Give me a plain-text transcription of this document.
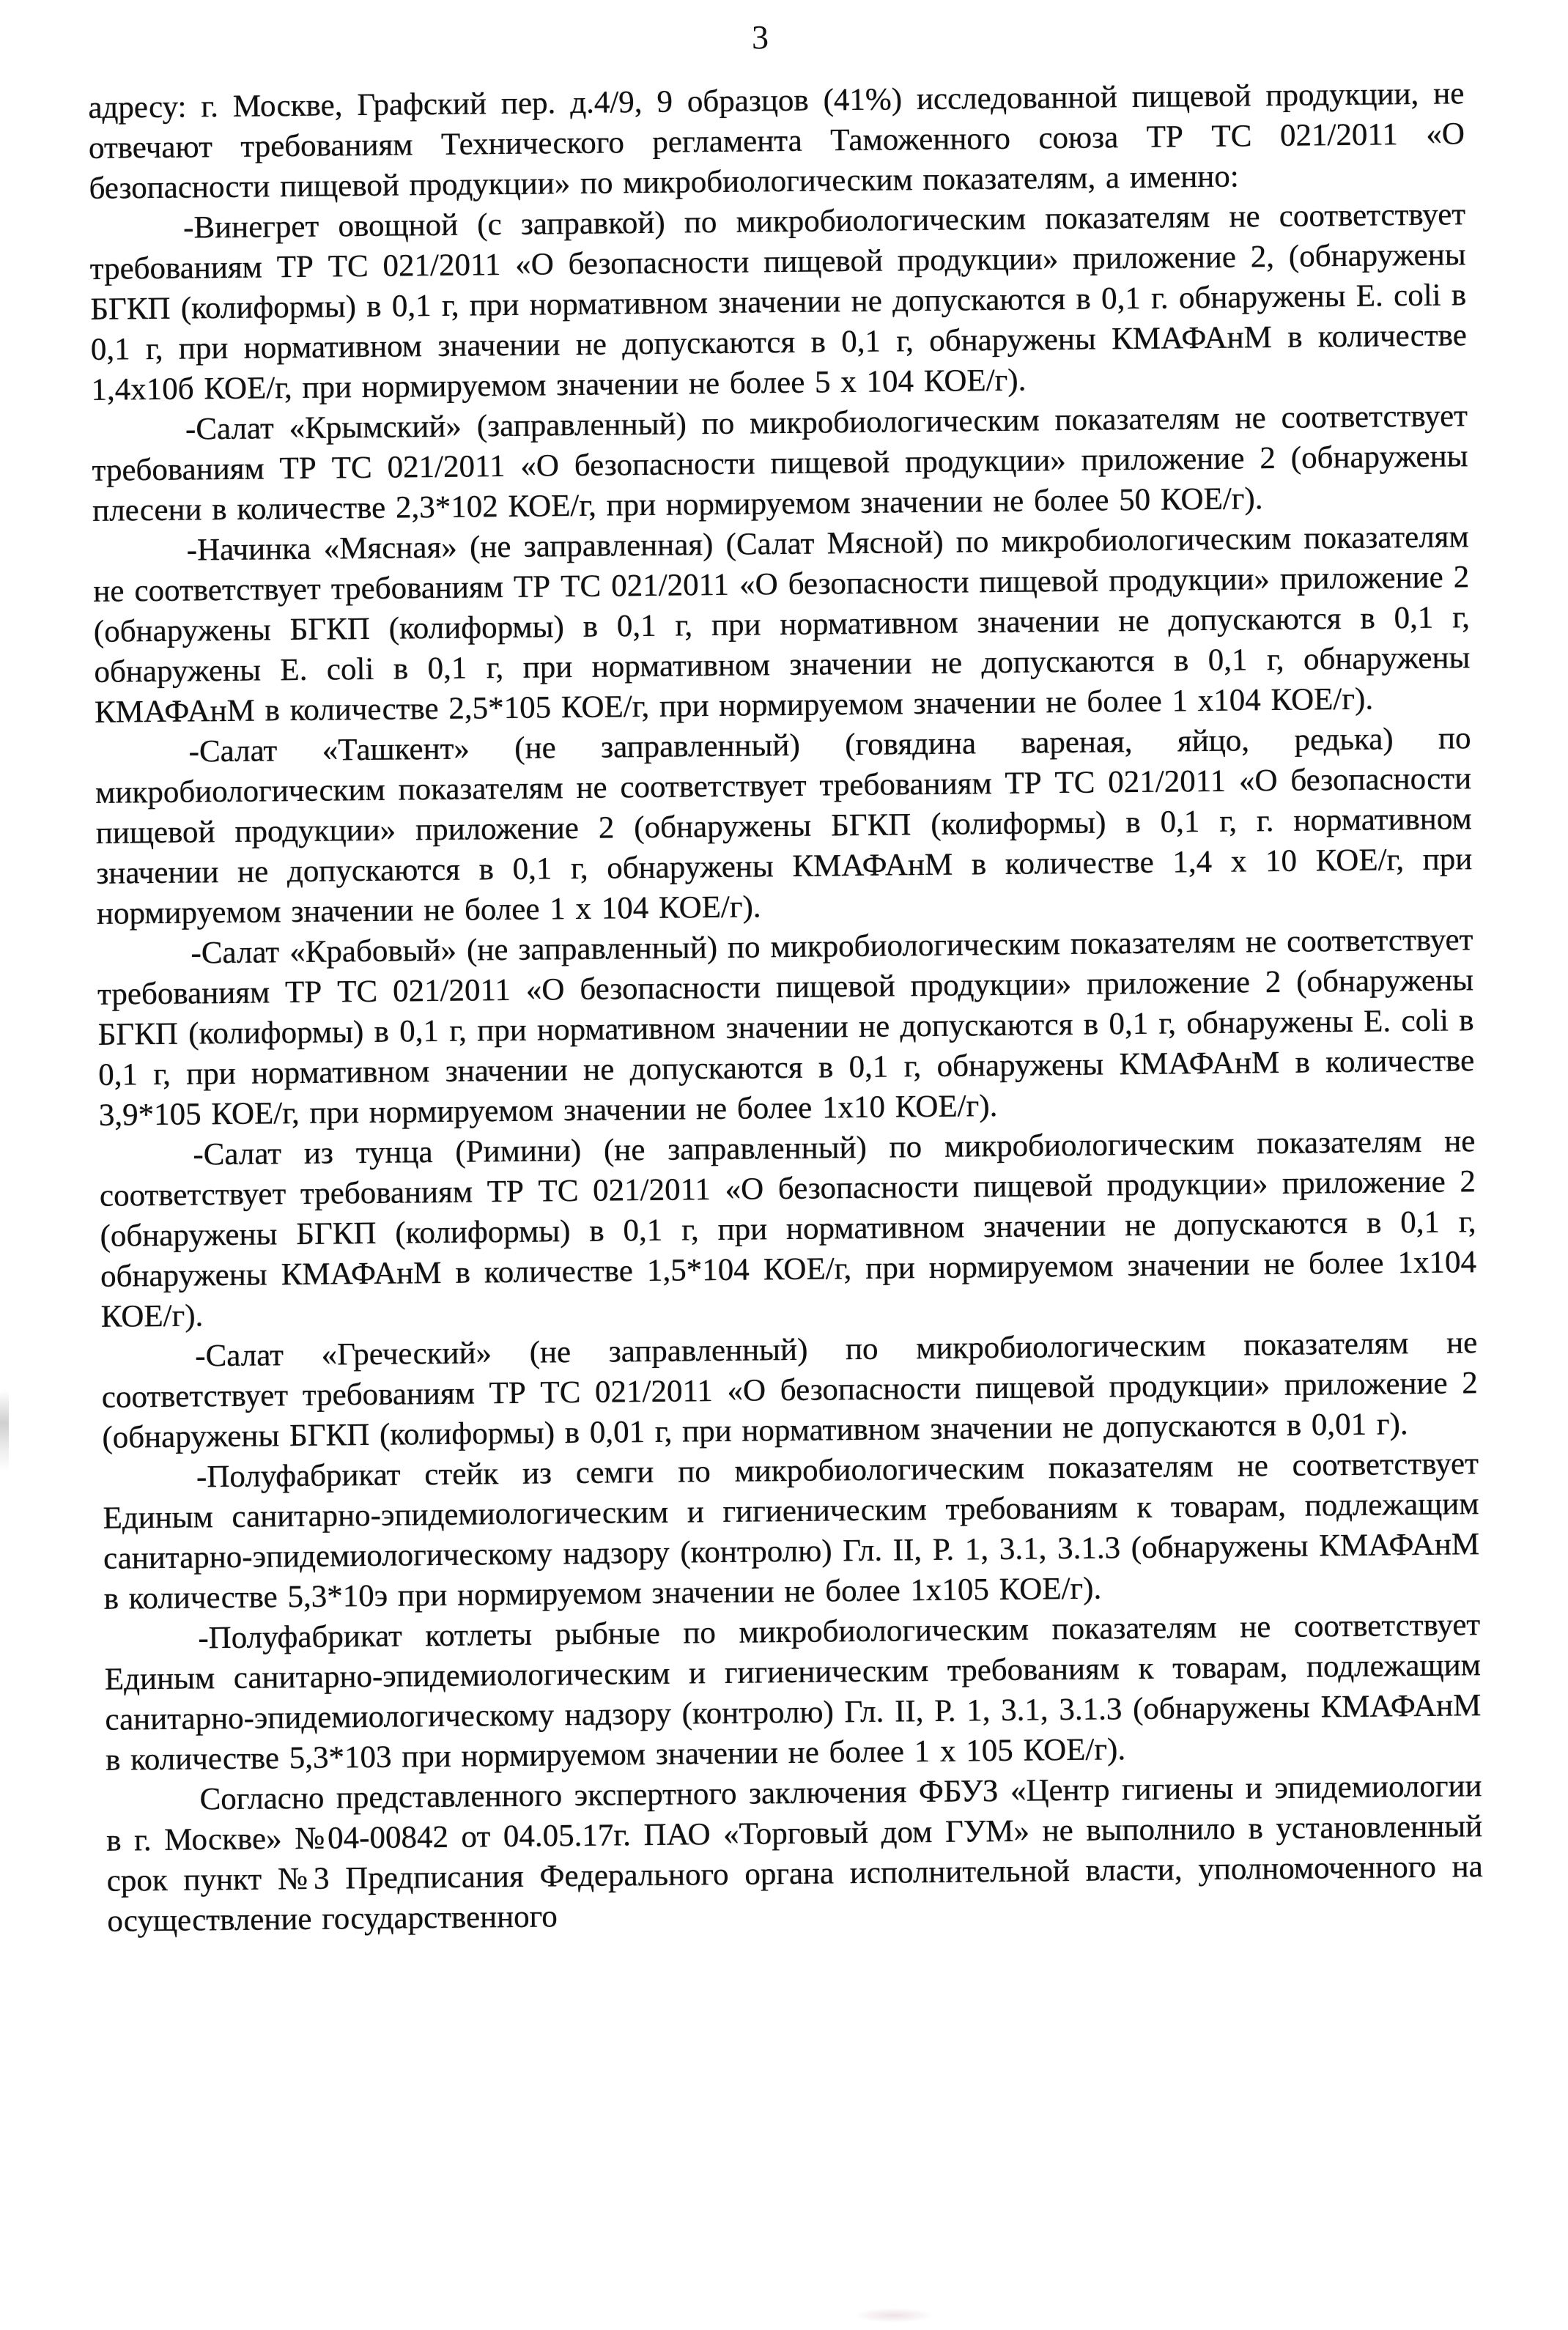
3

адресу: г. Москве, Графский пер. д.4/9, 9 образцов (41%) исследованной пищевой продукции, не отвечают требованиям Технического регламента Таможенного союза ТР ТС 021/2011 «О безопасности пищевой продукции» по микробиологическим показателям, а именно:

-Винегрет овощной (с заправкой) по микробиологическим показателям не соответствует требованиям ТР ТС 021/2011 «О безопасности пищевой продукции» приложение 2, (обнаружены БГКП (колиформы) в 0,1 г, при нормативном значении не допускаются в 0,1 г. обнаружены E. coli в 0,1 г, при нормативном значении не допускаются в 0,1 г, обнаружены КМАФАнМ в количестве 1,4х10б КОЕ/г, при нормируемом значении не более 5 х 104 КОЕ/г).

-Салат «Крымский» (заправленный) по микробиологическим показателям не соответствует требованиям ТР ТС 021/2011 «О безопасности пищевой продукции» приложение 2 (обнаружены плесени в количестве 2,3*102 КОЕ/г, при нормируемом значении не более 50 КОЕ/г).

-Начинка «Мясная» (не заправленная) (Салат Мясной) по микробиологическим показателям не соответствует требованиям ТР ТС 021/2011 «О безопасности пищевой продукции» приложение 2 (обнаружены БГКП (колиформы) в 0,1 г, при нормативном значении не допускаются в 0,1 г, обнаружены E. coli в 0,1 г, при нормативном значении не допускаются в 0,1 г, обнаружены КМАФАнМ в количестве 2,5*105 КОЕ/г, при нормируемом значении не более 1 х104 КОЕ/г).

-Салат «Ташкент» (не заправленный) (говядина вареная, яйцо, редька) по микробиологическим показателям не соответствует требованиям ТР ТС 021/2011 «О безопасности пищевой продукции» приложение 2 (обнаружены БГКП (колиформы) в 0,1 г, г. нормативном значении не допускаются в 0,1 г, обнаружены КМАФАнМ в количестве 1,4 х 10 КОЕ/г, при нормируемом значении не более 1 х 104 КОЕ/г).

-Салат «Крабовый» (не заправленный) по микробиологическим показателям не соответствует требованиям ТР ТС 021/2011 «О безопасности пищевой продукции» приложение 2 (обнаружены БГКП (колиформы) в 0,1 г, при нормативном значении не допускаются в 0,1 г, обнаружены E. coli в 0,1 г, при нормативном значении не допускаются в 0,1 г, обнаружены КМАФАнМ в количестве 3,9*105 КОЕ/г, при нормируемом значении не более 1х10 КОЕ/г).

-Салат из тунца (Римини) (не заправленный) по микробиологическим показателям не соответствует требованиям ТР ТС 021/2011 «О безопасности пищевой продукции» приложение 2 (обнаружены БГКП (колиформы) в 0,1 г, при нормативном значении не допускаются в 0,1 г, обнаружены КМАФАнМ в количестве 1,5*104 КОЕ/г, при нормируемом значении не более 1х104 КОЕ/г).

-Салат «Греческий» (не заправленный) по микробиологическим показателям не соответствует требованиям ТР ТС 021/2011 «О безопасности пищевой продукции» приложение 2 (обнаружены БГКП (колиформы) в 0,01 г, при нормативном значении не допускаются в 0,01 г).

-Полуфабрикат стейк из семги по микробиологическим показателям не соответствует Единым санитарно-эпидемиологическим и гигиеническим требованиям к товарам, подлежащим санитарно-эпидемиологическому надзору (контролю) Гл. II, Р. 1, 3.1, 3.1.3 (обнаружены КМАФАнМ в количестве 5,3*10э при нормируемом значении не более 1х105 КОЕ/г).

-Полуфабрикат котлеты рыбные по микробиологическим показателям не соответствует Единым санитарно-эпидемиологическим и гигиеническим требованиям к товарам, подлежащим санитарно-эпидемиологическому надзору (контролю) Гл. II, Р. 1, 3.1, 3.1.3 (обнаружены КМАФАнМ в количестве 5,3*103 при нормируемом значении не более 1 х 105 КОЕ/г).

Согласно представленного экспертного заключения ФБУЗ «Центр гигиены и эпидемиологии в г. Москве» №04-00842 от 04.05.17г. ПАО «Торговый дом ГУМ» не выполнило в установленный срок пункт №3 Предписания Федерального органа исполнительной власти, уполномоченного на осуществление государственного
